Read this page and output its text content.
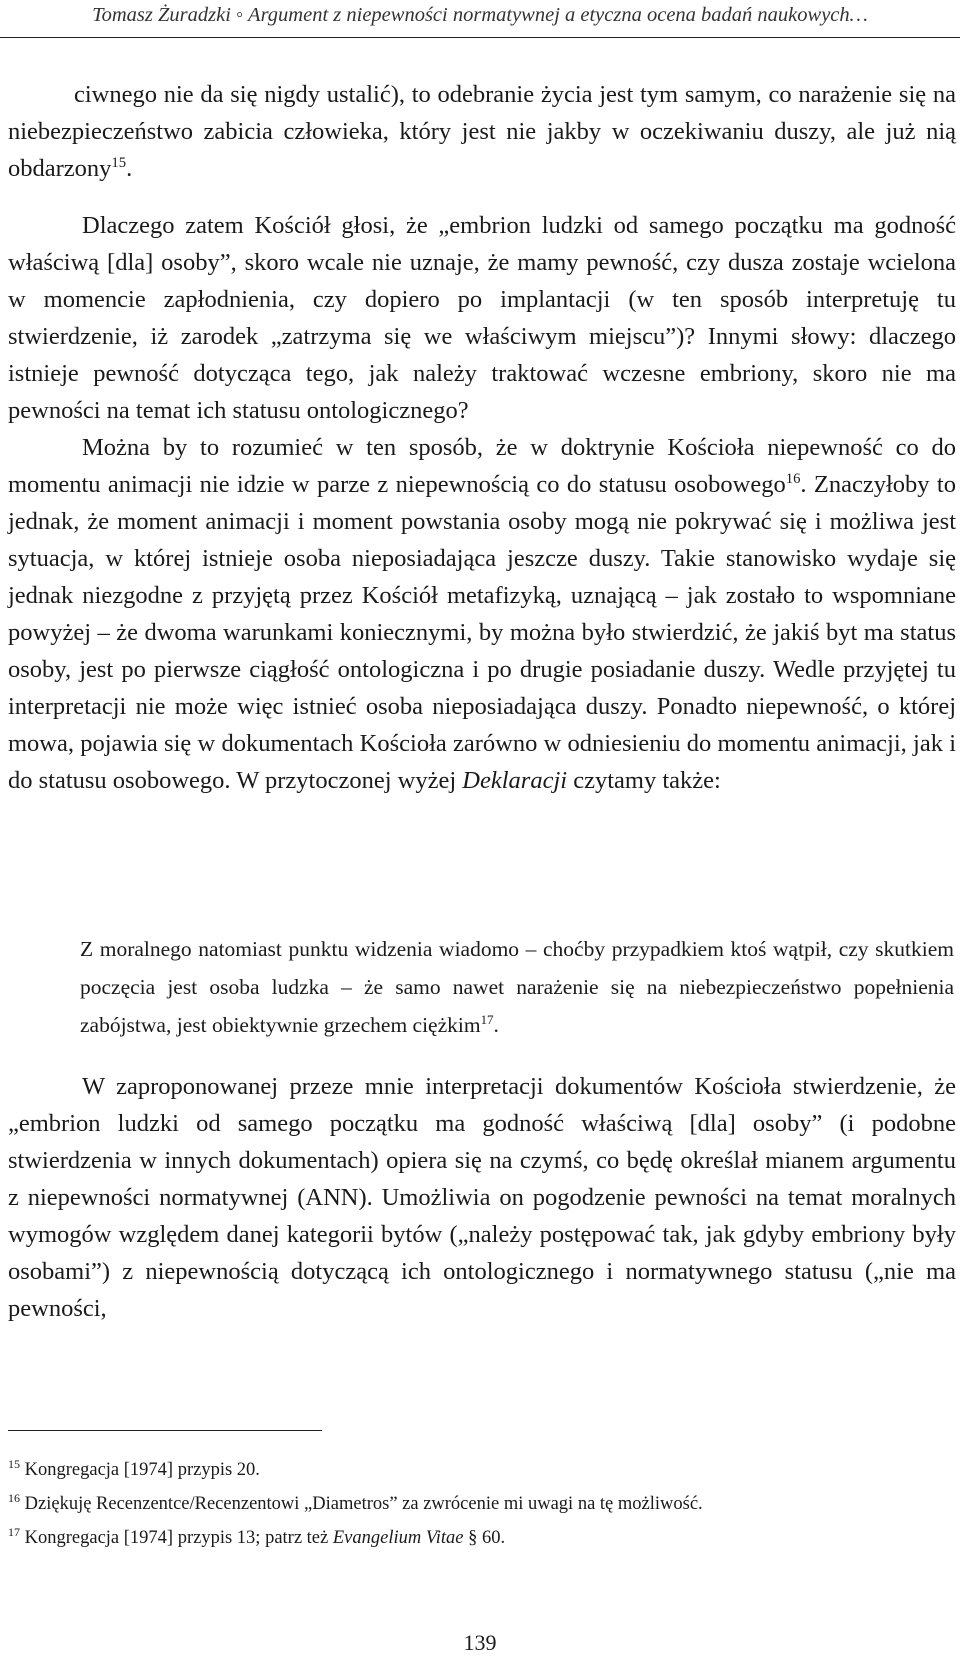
Tomasz Żuradzki ◦ Argument z niepewności normatywnej a etyczna ocena badań naukowych…

ciwnego nie da się nigdy ustalić), to odebranie życia jest tym samym, co narażenie się na niebezpieczeństwo zabicia człowieka, który jest nie jakby w oczekiwaniu duszy, ale już nią obdarzony$^{15}$.

Dlaczego zatem Kościół głosi, że „embrion ludzki od samego początku ma godność właściwą [dla] osoby”, skoro wcale nie uznaje, że mamy pewność, czy dusza zostaje wcielona w momencie zapłodnienia, czy dopiero po implantacji (w ten sposób interpretuję tu stwierdzenie, iż zarodek „zatrzyma się we właściwym miejscu”)? Innymi słowy: dlaczego istnieje pewność dotycząca tego, jak należy traktować wczesne embriony, skoro nie ma pewności na temat ich statusu ontologicznego?

Można by to rozumieć w ten sposób, że w doktrynie Kościoła niepewność co do momentu animacji nie idzie w parze z niepewnością co do statusu osobowego$^{16}$. Znaczyłoby to jednak, że moment animacji i moment powstania osoby mogą nie pokrywać się i możliwa jest sytuacja, w której istnieje osoba nieposiadająca jeszcze duszy. Takie stanowisko wydaje się jednak niezgodne z przyjętą przez Kościół metafizyką, uznającą – jak zostało to wspomniane powyżej – że dwoma warunkami koniecznymi, by można było stwierdzić, że jakiś byt ma status osoby, jest po pierwsze ciągłość ontologiczna i po drugie posiadanie duszy. Wedle przyjętej tu interpretacji nie może więc istnieć osoba nieposiadająca duszy. Ponadto niepewność, o której mowa, pojawia się w dokumentach Kościoła zarówno w odniesieniu do momentu animacji, jak i do statusu osobowego. W przytoczonej wyżej Deklaracji czytamy także:

Z moralnego natomiast punktu widzenia wiadomo – choćby przypadkiem ktoś wątpił, czy skutkiem poczęcia jest osoba ludzka – że samo nawet narażenie się na niebezpieczeństwo popełnienia zabójstwa, jest obiektywnie grzechem ciężkim$^{17}$.

W zaproponowanej przeze mnie interpretacji dokumentów Kościoła stwierdzenie, że „embrion ludzki od samego początku ma godność właściwą [dla] osoby” (i podobne stwierdzenia w innych dokumentach) opiera się na czymś, co będę określał mianem argumentu z niepewności normatywnej (ANN). Umożliwia on pogodzenie pewności na temat moralnych wymogów względem danej kategorii bytów („należy postępować tak, jak gdyby embriony były osobami”) z niepewnością dotyczącą ich ontologicznego i normatywnego statusu („nie ma pewności,

$^{15}$ Kongregacja [1974] przypis 20.

$^{16}$ Dziękuję Recenzentce/Recenzentowi „Diametros” za zwrócenie mi uwagi na tę możliwość.

$^{17}$ Kongregacja [1974] przypis 13; patrz też Evangelium Vitae § 60.

139
